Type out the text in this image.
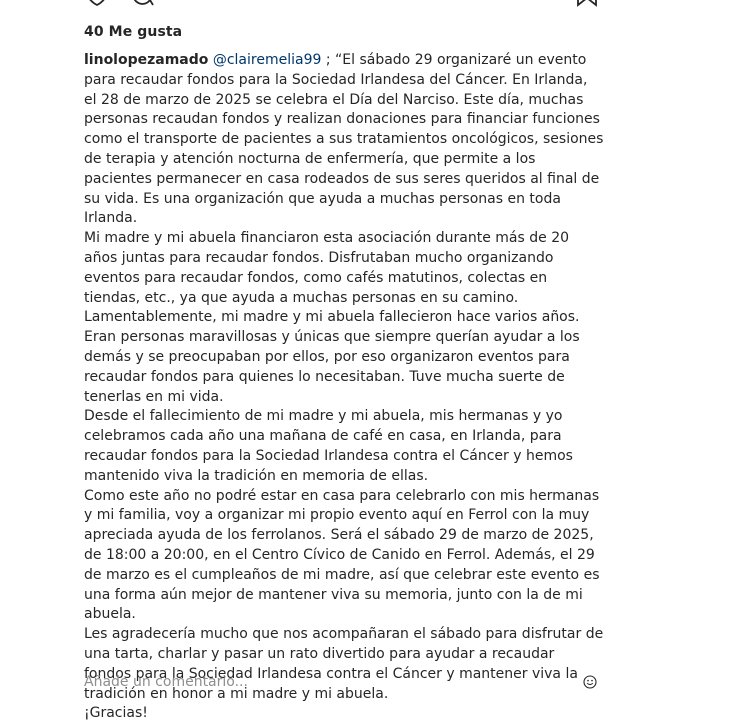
40 Me gusta
linolopezamado @clairemelia99 ; “El sábado 29 organizaré un evento para recaudar fondos para la Sociedad Irlandesa del Cáncer. En Irlanda, el 28 de marzo de 2025 se celebra el Día del Narciso. Este día, muchas personas recaudan fondos y realizan donaciones para financiar funciones como el transporte de pacientes a sus tratamientos oncológicos, sesiones de terapia y atención nocturna de enfermería, que permite a los pacientes permanecer en casa rodeados de sus seres queridos al final de su vida. Es una organización que ayuda a muchas personas en toda Irlanda.
Mi madre y mi abuela financiaron esta asociación durante más de 20 años juntas para recaudar fondos. Disfrutaban mucho organizando eventos para recaudar fondos, como cafés matutinos, colectas en tiendas, etc., ya que ayuda a muchas personas en su camino.
Lamentablemente, mi madre y mi abuela fallecieron hace varios años. Eran personas maravillosas y únicas que siempre querían ayudar a los demás y se preocupaban por ellos, por eso organizaron eventos para recaudar fondos para quienes lo necesitaban. Tuve mucha suerte de tenerlas en mi vida.
Desde el fallecimiento de mi madre y mi abuela, mis hermanas y yo celebramos cada año una mañana de café en casa, en Irlanda, para recaudar fondos para la Sociedad Irlandesa contra el Cáncer y hemos mantenido viva la tradición en memoria de ellas.
Como este año no podré estar en casa para celebrarlo con mis hermanas y mi familia, voy a organizar mi propio evento aquí en Ferrol con la muy apreciada ayuda de los ferrolanos. Será el sábado 29 de marzo de 2025, de 18:00 a 20:00, en el Centro Cívico de Canido en Ferrol. Además, el 29 de marzo es el cumpleaños de mi madre, así que celebrar este evento es una forma aún mejor de mantener viva su memoria, junto con la de mi abuela.
Les agradecería mucho que nos acompañaran el sábado para disfrutar de una tarta, charlar y pasar un rato divertido para ayudar a recaudar fondos para la Sociedad Irlandesa contra el Cáncer y mantener viva la tradición en honor a mi madre y mi abuela.
¡Gracias!
Añade un comentario...
